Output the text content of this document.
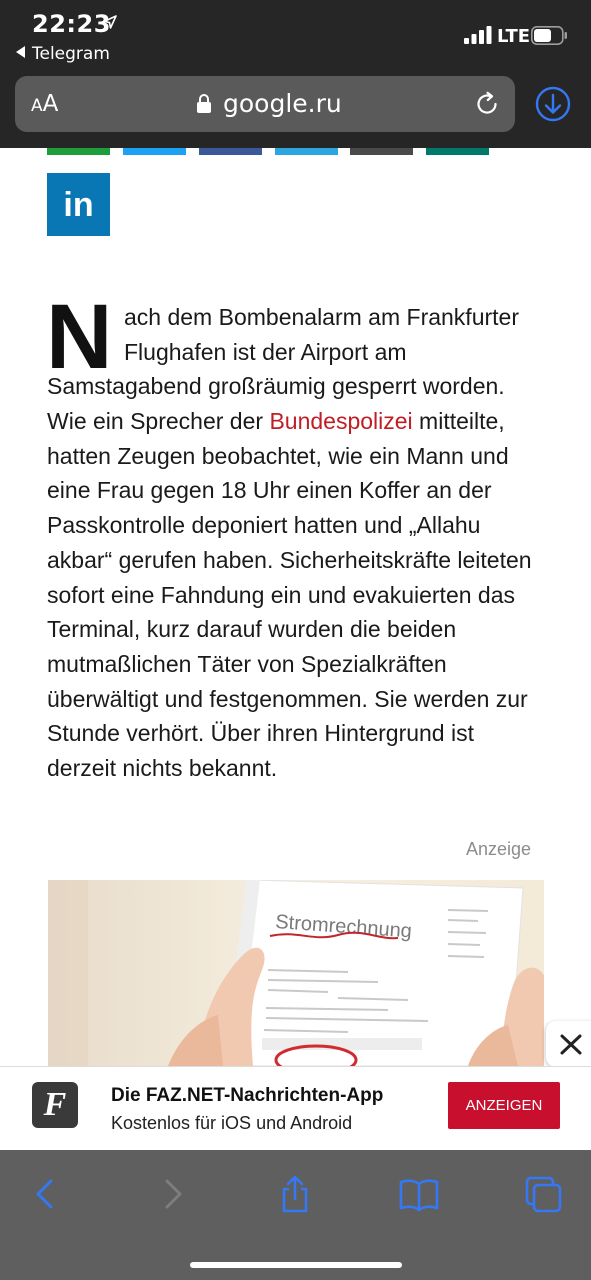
22:23
Telegram
LTE
AA	google.ru
in
N ach dem Bombenalarm am Frankfurter
Flughafen ist der Airport am
Samstagabend großräumig gesperrt worden.
Wie ein Sprecher der Bundespolizei mitteilte,
hatten Zeugen beobachtet, wie ein Mann und
eine Frau gegen 18 Uhr einen Koffer an der
Passkontrolle deponiert hatten und „Allahu
akbar“ gerufen haben. Sicherheitskräfte leiteten
sofort eine Fahndung ein und evakuierten das
Terminal, kurz darauf wurden die beiden
mutmaßlichen Täter von Spezialkräften
überwältigt und festgenommen. Sie werden zur
Stunde verhört. Über ihren Hintergrund ist
derzeit nichts bekannt.
Anzeige
Stromrechnung
F	Die FAZ.NET-Nachrichten-App
Kostenlos für iOS und Android
ANZEIGEN
